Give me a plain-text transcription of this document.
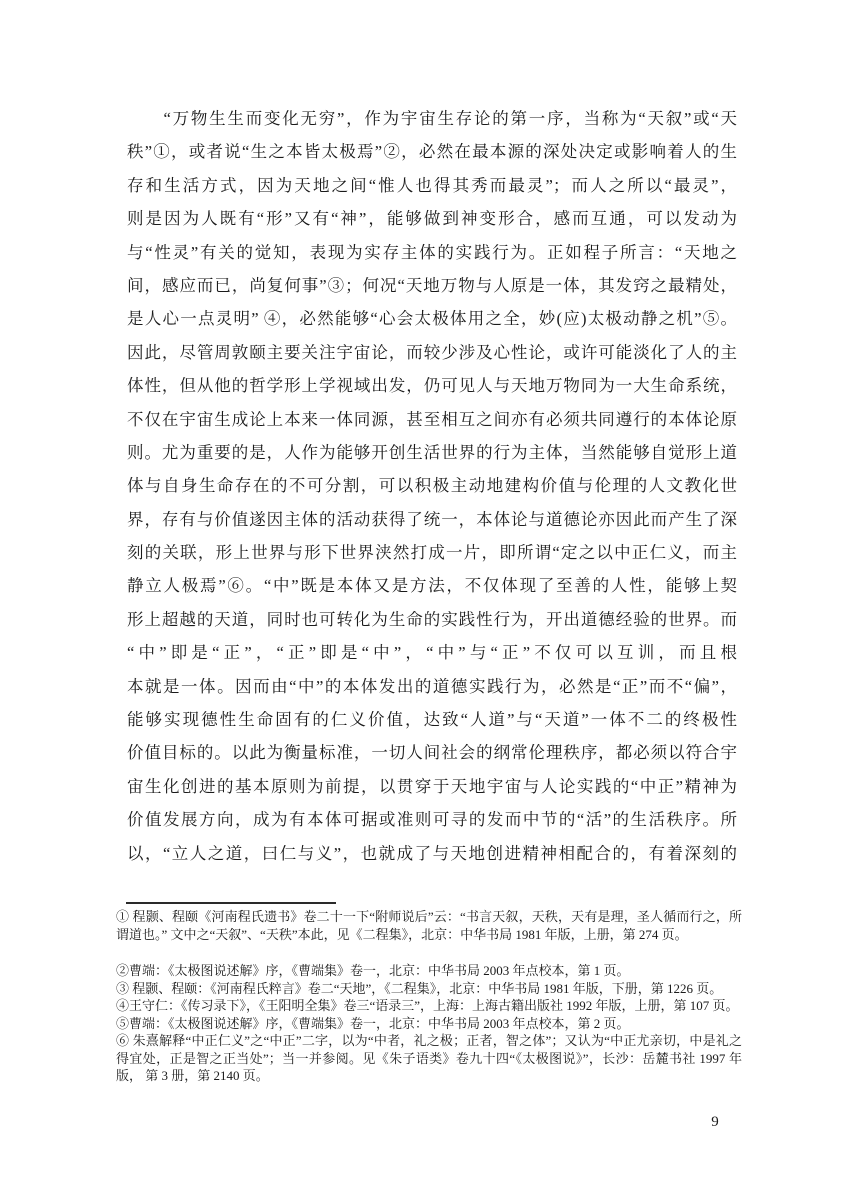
　　“万物生生而变化无穷”，作为宇宙生存论的第一序，当称为“天叙”或“天
秩”①，或者说“生之本皆太极焉”②，必然在最本源的深处决定或影响着人的生
存和生活方式，因为天地之间“惟人也得其秀而最灵”；而人之所以“最灵”，
则是因为人既有“形”又有“神”，能够做到神变形合，感而互通，可以发动为
与“性灵”有关的觉知，表现为实存主体的实践行为。正如程子所言：“天地之
间，感应而已，尚复何事”③；何况“天地万物与人原是一体，其发窍之最精处，
是人心一点灵明” ④，必然能够“心会太极体用之全，妙(应)太极动静之机”⑤。
因此，尽管周敦颐主要关注宇宙论，而较少涉及心性论，或许可能淡化了人的主
体性，但从他的哲学形上学视域出发，仍可见人与天地万物同为一大生命系统，
不仅在宇宙生成论上本来一体同源，甚至相互之间亦有必须共同遵行的本体论原
则。尤为重要的是，人作为能够开创生活世界的行为主体，当然能够自觉形上道
体与自身生命存在的不可分割，可以积极主动地建构价值与伦理的人文教化世
界，存有与价值遂因主体的活动获得了统一，本体论与道德论亦因此而产生了深
刻的关联，形上世界与形下世界浃然打成一片，即所谓“定之以中正仁义，而主
静立人极焉”⑥。“中”既是本体又是方法，不仅体现了至善的人性，能够上契
形上超越的天道，同时也可转化为生命的实践性行为，开出道德经验的世界。而
“中”即是“正”，“正”即是“中”，“中”与“正”不仅可以互训，而且根
本就是一体。因而由“中”的本体发出的道德实践行为，必然是“正”而不“偏”，
能够实现德性生命固有的仁义价值，达致“人道”与“天道”一体不二的终极性
价值目标的。以此为衡量标准，一切人间社会的纲常伦理秩序，都必须以符合宇
宙生化创进的基本原则为前提，以贯穿于天地宇宙与人论实践的“中正”精神为
价值发展方向，成为有本体可据或准则可寻的发而中节的“活”的生活秩序。所
以，“立人之道，曰仁与义”，也就成了与天地创进精神相配合的，有着深刻的

① 程颢、程颐《河南程氏遗书》卷二十一下“附师说后”云：“书言天叙，天秩，天有是理，圣人循而行之，所谓道也。” 文中之“天叙”、“天秩”本此，见《二程集》，北京：中华书局 1981 年版，上册，第 274 页。

②曹端：《太极图说述解》序，《曹端集》卷一，北京：中华书局 2003 年点校本，第 1 页。

③ 程颢、程颐：《河南程氏粹言》卷二“天地”，《二程集》，北京：中华书局 1981 年版，下册，第 1226 页。

④王守仁：《传习录下》，《王阳明全集》卷三“语录三”，上海：上海古籍出版社 1992 年版，上册，第 107 页。

⑤曹端：《太极图说述解》序，《曹端集》卷一，北京：中华书局 2003 年点校本，第 2 页。

⑥ 朱熹解释“中正仁义”之“中正”二字，以为“中者，礼之极；正者，智之体”；又认为“中正尤亲切，中是礼之得宜处，正是智之正当处”；当一并参阅。见《朱子语类》卷九十四“《太极图说》”，长沙：岳麓书社 1997 年版， 第 3 册，第 2140 页。

9
